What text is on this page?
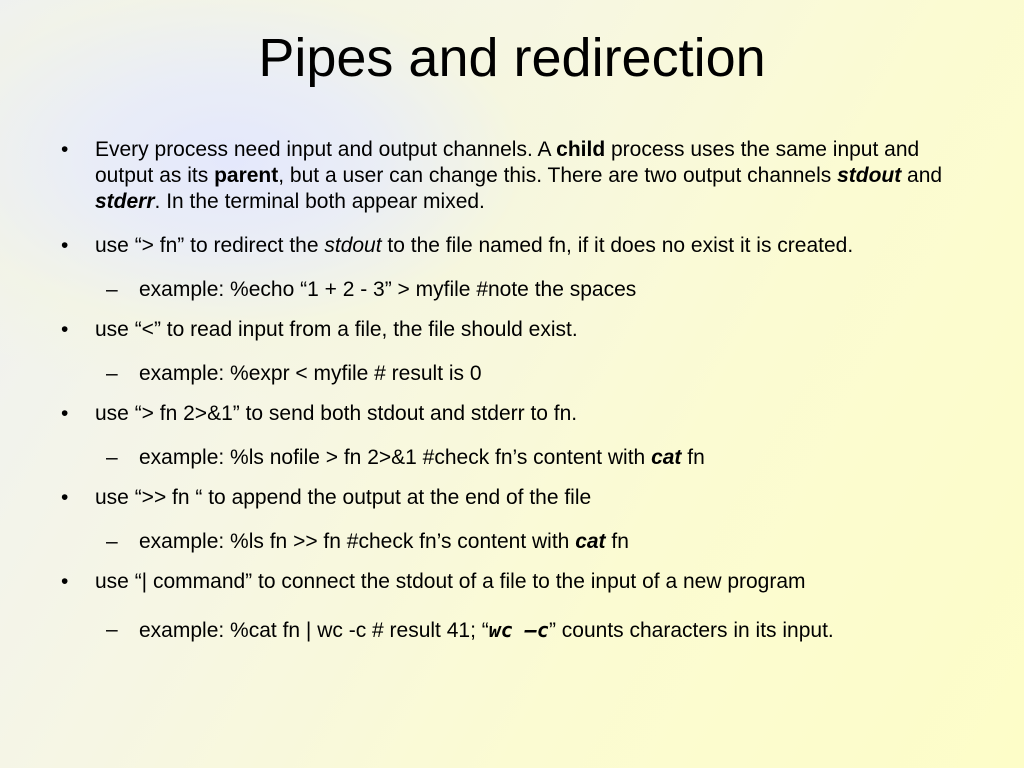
Pipes and redirection
• Every process need input and output channels. A child process uses the same input and output as its parent, but a user can change this. There are two output channels stdout and stderr. In the terminal both appear mixed.
• use “> fn” to redirect the stdout to the file named fn, if it does no exist it is created.
– example: %echo “1 + 2 - 3” > myfile #note the spaces
• use “<” to read input from a file, the file should exist.
– example: %expr < myfile # result is 0
• use “> fn 2>&1” to send both stdout and stderr to fn.
– example: %ls nofile > fn 2>&1 #check fn’s content with cat fn
• use “>> fn “ to append the output at the end of the file
– example: %ls fn >> fn #check fn’s content with cat fn
• use “| command” to connect the stdout of a file to the input of a new program
– example: %cat fn | wc -c # result 41; “wc –c” counts characters in its input.
